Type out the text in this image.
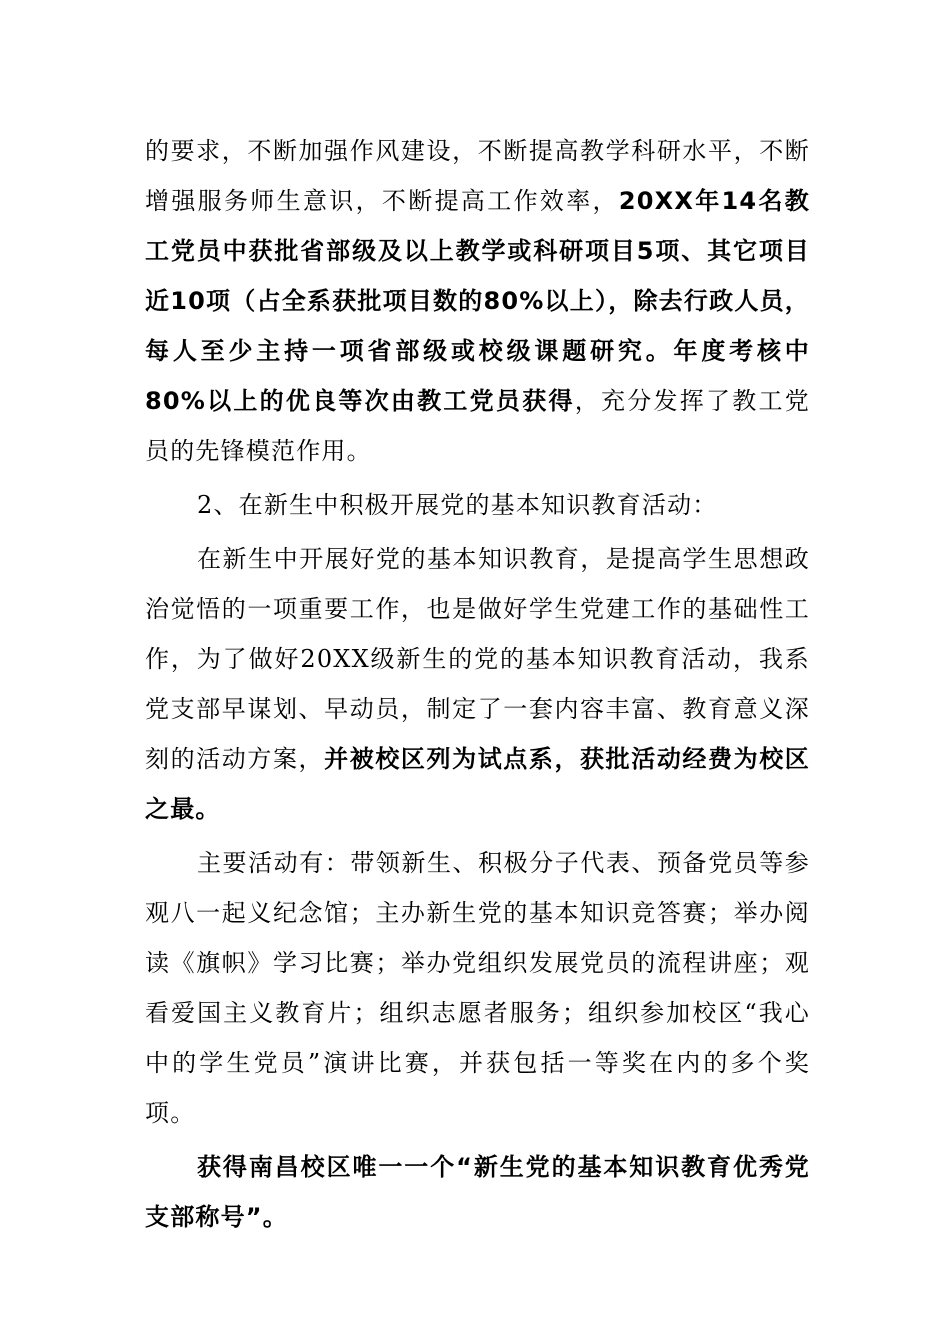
的要求，不断加强作风建设，不断提高教学科研水平，不断增强服务师生意识，不断提高工作效率，20XX年14名教工党员中获批省部级及以上教学或科研项目5项、其它项目近10项（占全系获批项目数的80%以上），除去行政人员，每人至少主持一项省部级或校级课题研究。年度考核中80%以上的优良等次由教工党员获得，充分发挥了教工党员的先锋模范作用。

2、在新生中积极开展党的基本知识教育活动：

在新生中开展好党的基本知识教育，是提高学生思想政治觉悟的一项重要工作，也是做好学生党建工作的基础性工作，为了做好20XX级新生的党的基本知识教育活动，我系党支部早谋划、早动员，制定了一套内容丰富、教育意义深刻的活动方案，并被校区列为试点系，获批活动经费为校区之最。

主要活动有：带领新生、积极分子代表、预备党员等参观八一起义纪念馆；主办新生党的基本知识竞答赛；举办阅读《旗帜》学习比赛；举办党组织发展党员的流程讲座；观看爱国主义教育片；组织志愿者服务；组织参加校区“我心中的学生党员”演讲比赛，并获包括一等奖在内的多个奖项。

获得南昌校区唯一一个“新生党的基本知识教育优秀党支部称号”。
